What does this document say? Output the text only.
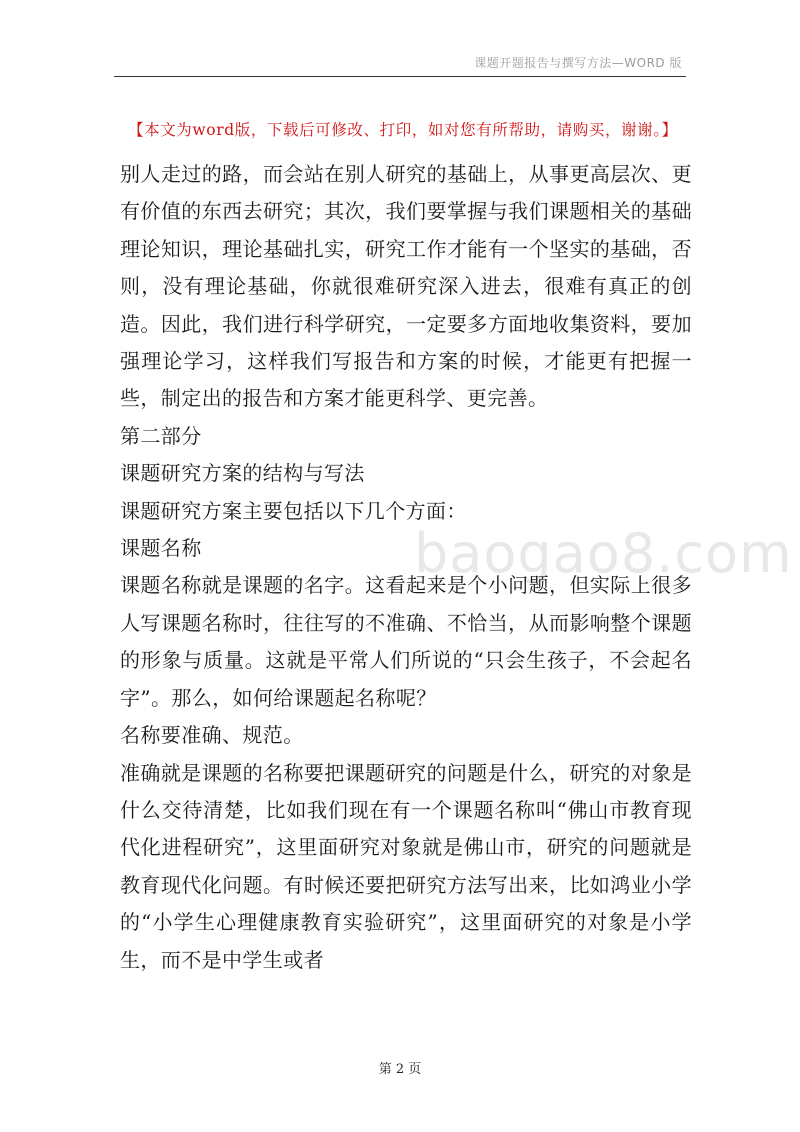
课题开题报告与撰写方法—WORD 版
【本文为word版，下载后可修改、打印，如对您有所帮助，请购买，谢谢。】
baogao8.com

别人走过的路，而会站在别人研究的基础上，从事更高层次、更有价值的东西去研究；其次，我们要掌握与我们课题相关的基础理论知识，理论基础扎实，研究工作才能有一个坚实的基础，否则，没有理论基础，你就很难研究深入进去，很难有真正的创造。因此，我们进行科学研究，一定要多方面地收集资料，要加强理论学习，这样我们写报告和方案的时候，才能更有把握一些，制定出的报告和方案才能更科学、更完善。

第二部分

课题研究方案的结构与写法

课题研究方案主要包括以下几个方面：

课题名称

课题名称就是课题的名字。这看起来是个小问题，但实际上很多人写课题名称时，往往写的不准确、不恰当，从而影响整个课题的形象与质量。这就是平常人们所说的“只会生孩子，不会起名字”。那么，如何给课题起名称呢？

名称要准确、规范。

准确就是课题的名称要把课题研究的问题是什么，研究的对象是什么交待清楚，比如我们现在有一个课题名称叫“佛山市教育现代化进程研究”，这里面研究对象就是佛山市，研究的问题就是教育现代化问题。有时候还要把研究方法写出来，比如鸿业小学的“小学生心理健康教育实验研究”，这里面研究的对象是小学生，而不是中学生或者

第 2 页
